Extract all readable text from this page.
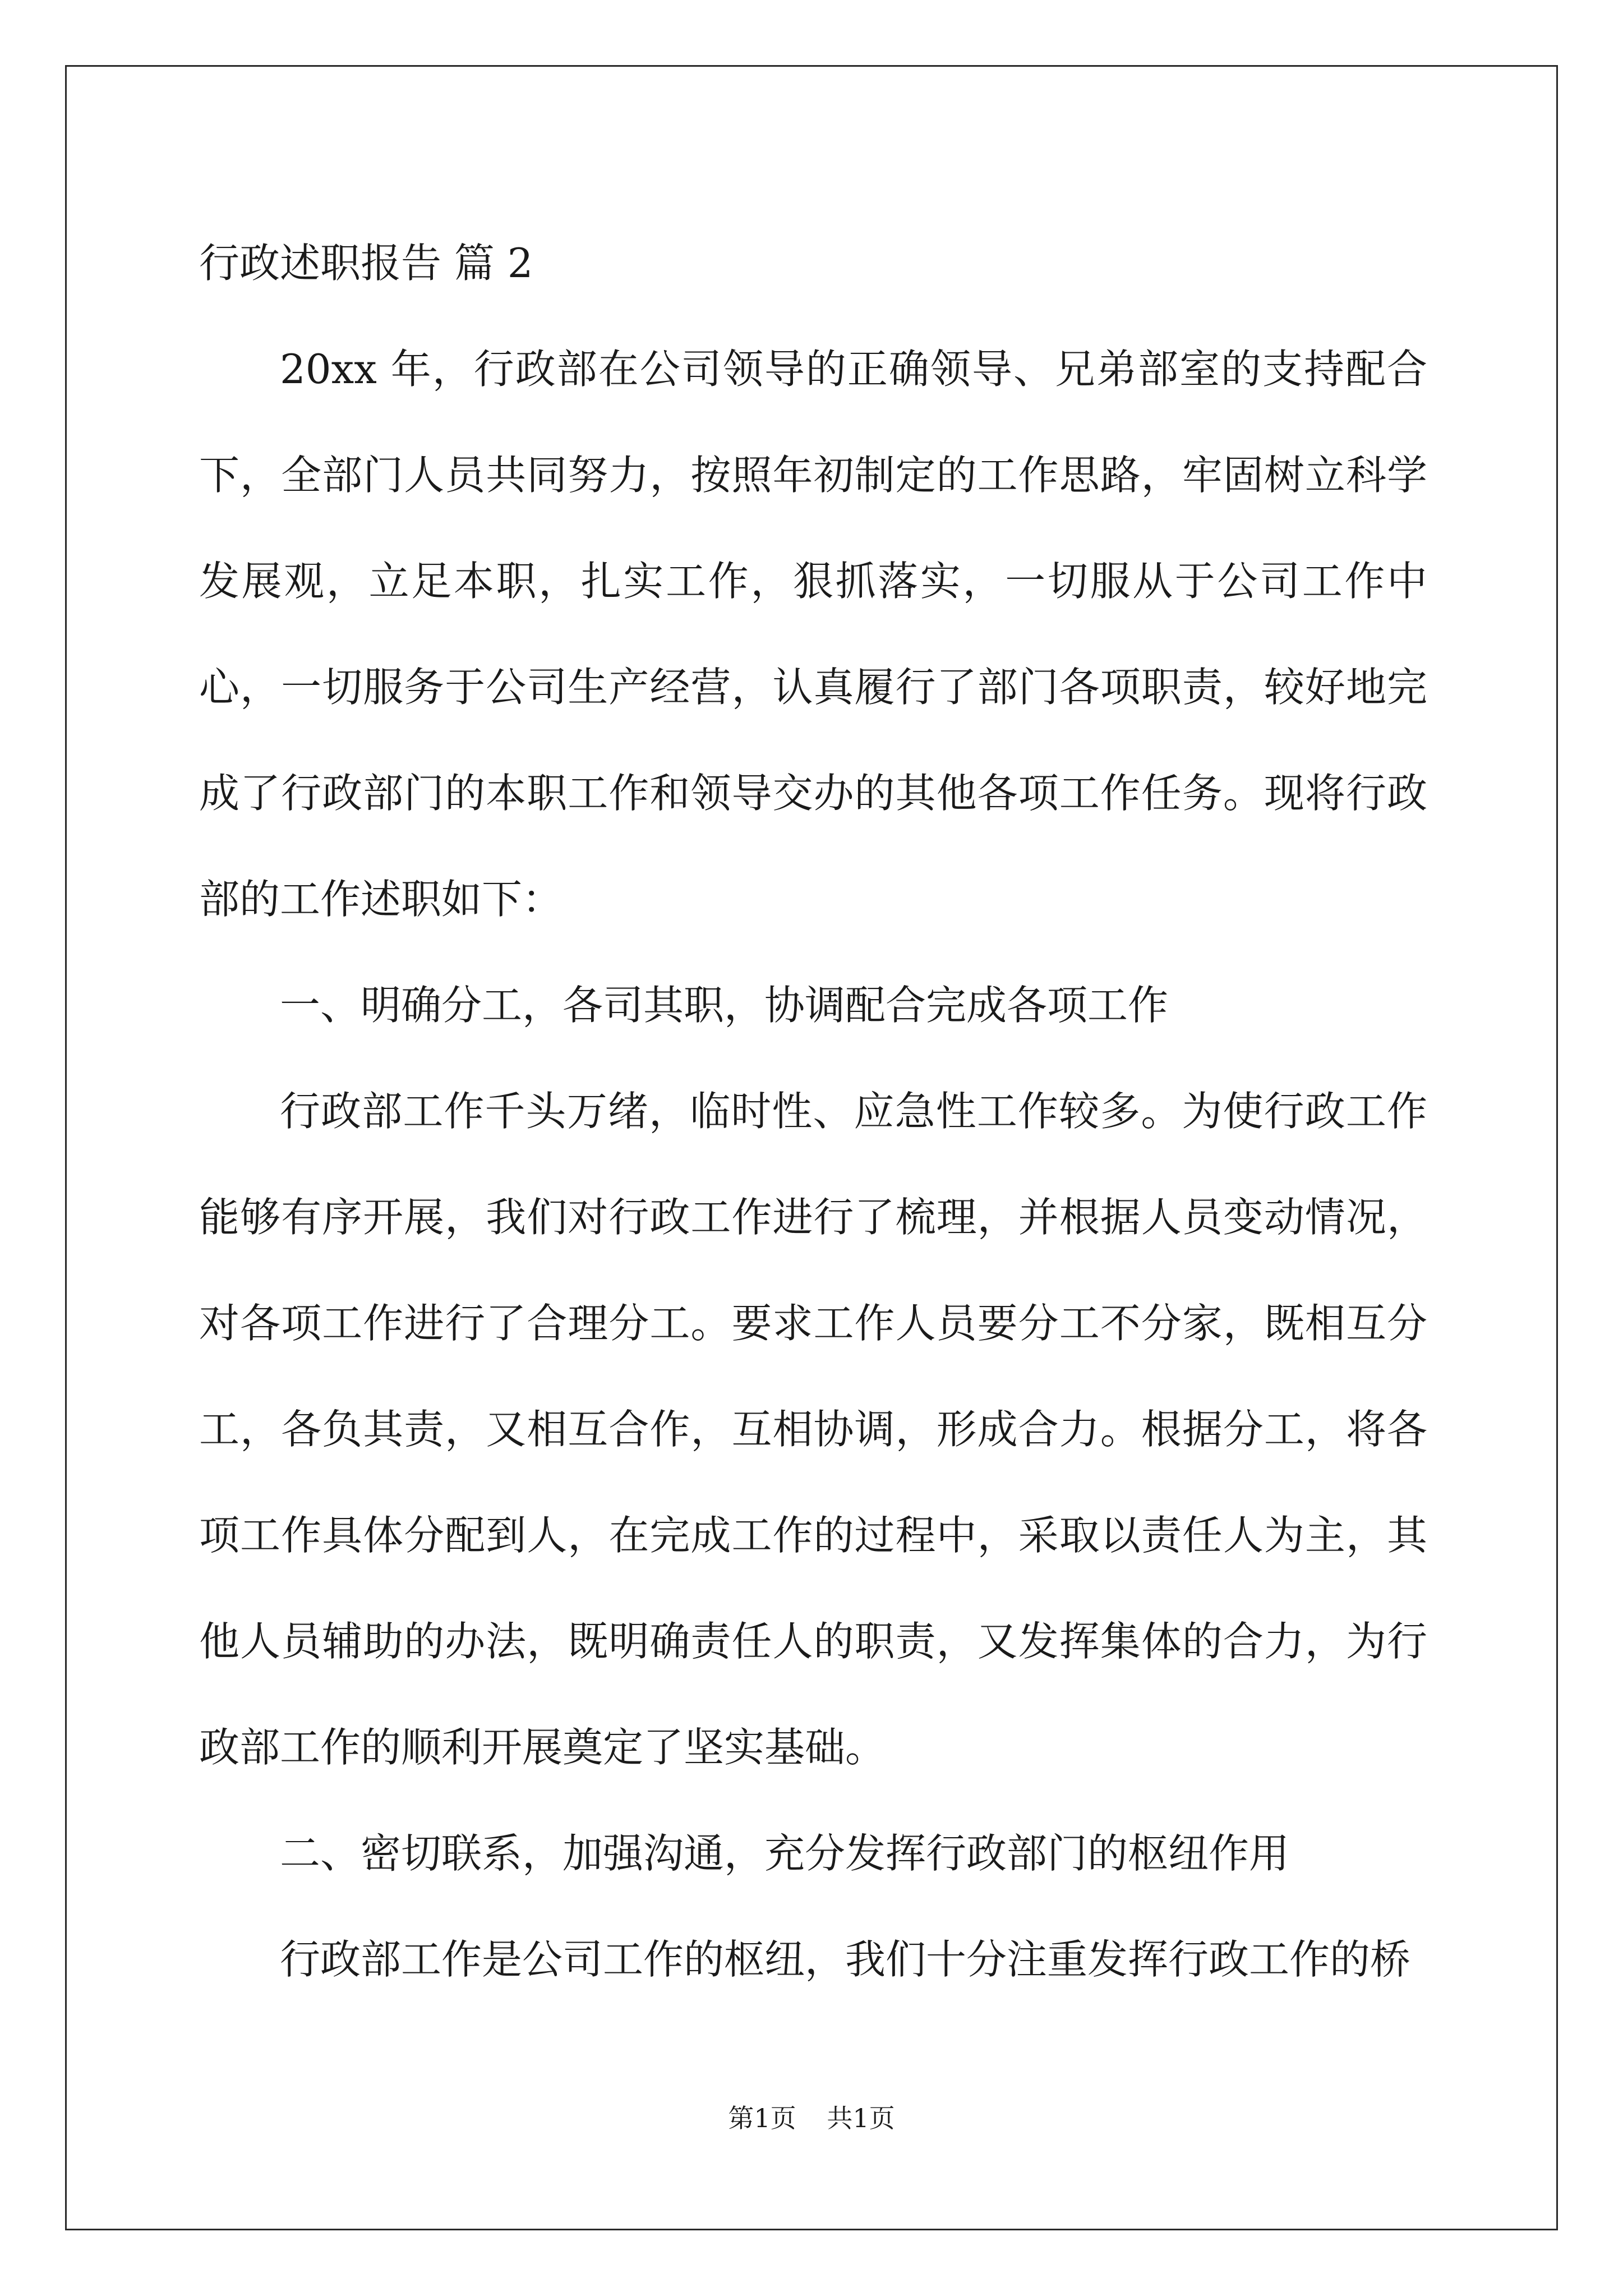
行政述职报告 篇 2

20xx 年，行政部在公司领导的正确领导、兄弟部室的支持配合下，全部门人员共同努力，按照年初制定的工作思路，牢固树立科学发展观，立足本职，扎实工作，狠抓落实，一切服从于公司工作中心，一切服务于公司生产经营，认真履行了部门各项职责，较好地完成了行政部门的本职工作和领导交办的其他各项工作任务。现将行政部的工作述职如下：

一、明确分工，各司其职，协调配合完成各项工作

行政部工作千头万绪，临时性、应急性工作较多。为使行政工作能够有序开展，我们对行政工作进行了梳理，并根据人员变动情况，对各项工作进行了合理分工。要求工作人员要分工不分家，既相互分工，各负其责，又相互合作，互相协调，形成合力。根据分工，将各项工作具体分配到人，在完成工作的过程中，采取以责任人为主，其他人员辅助的办法，既明确责任人的职责，又发挥集体的合力，为行政部工作的顺利开展奠定了坚实基础。

二、密切联系，加强沟通，充分发挥行政部门的枢纽作用

行政部工作是公司工作的枢纽，我们十分注重发挥行政工作的桥

第1页 共1页
